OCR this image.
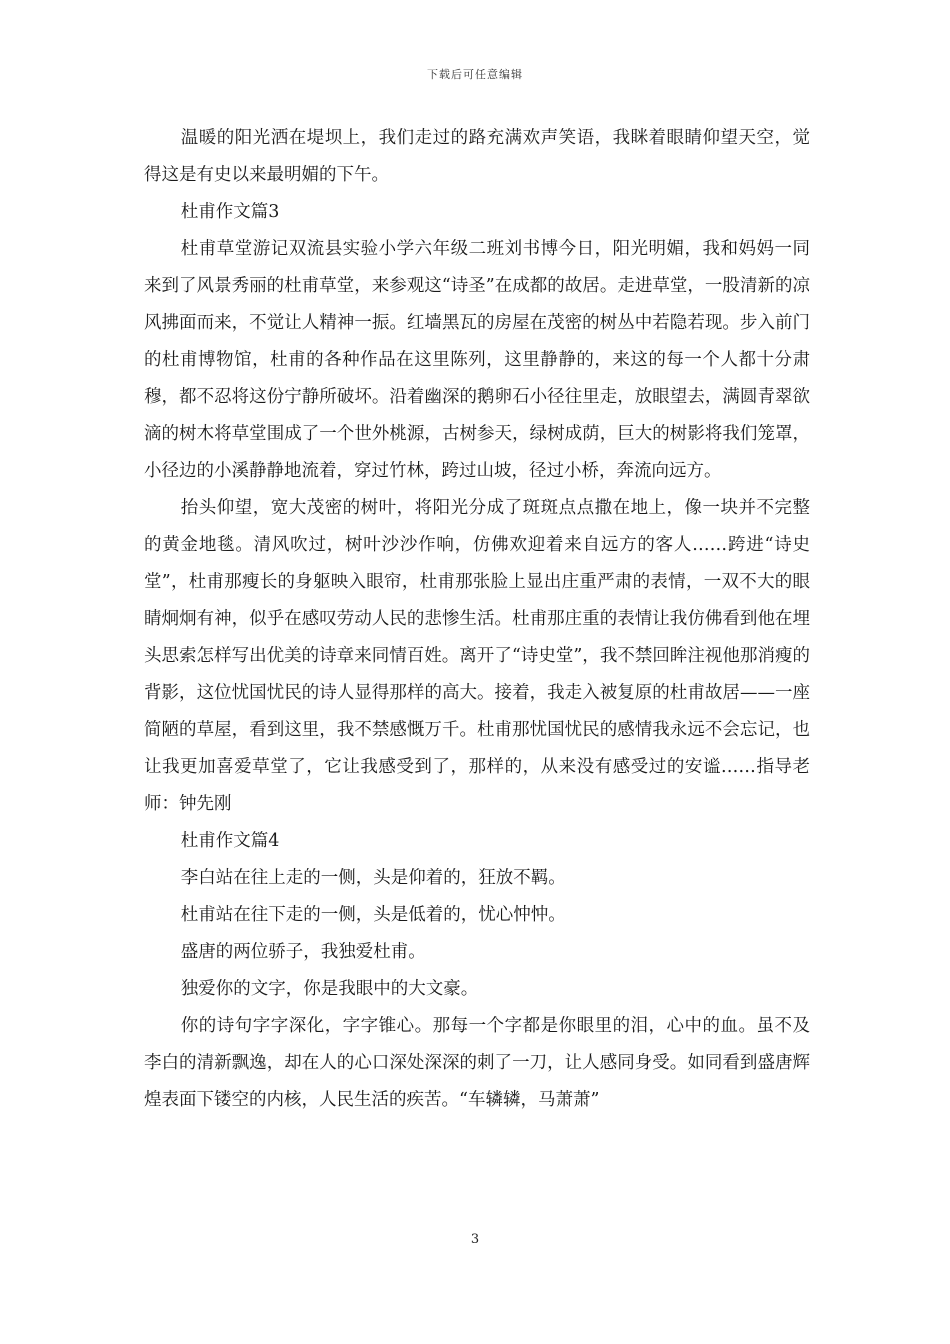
下载后可任意编辑

温暖的阳光洒在堤坝上，我们走过的路充满欢声笑语，我眯着眼睛仰望天空，觉得这是有史以来最明媚的下午。

杜甫作文篇3

杜甫草堂游记双流县实验小学六年级二班刘书博今日，阳光明媚，我和妈妈一同来到了风景秀丽的杜甫草堂，来参观这“诗圣”在成都的故居。走进草堂，一股清新的凉风拂面而来，不觉让人精神一振。红墙黑瓦的房屋在茂密的树丛中若隐若现。步入前门的杜甫博物馆，杜甫的各种作品在这里陈列，这里静静的，来这的每一个人都十分肃穆，都不忍将这份宁静所破坏。沿着幽深的鹅卵石小径往里走，放眼望去，满圆青翠欲滴的树木将草堂围成了一个世外桃源，古树参天，绿树成荫，巨大的树影将我们笼罩，小径边的小溪静静地流着，穿过竹林，跨过山坡，径过小桥，奔流向远方。

抬头仰望，宽大茂密的树叶，将阳光分成了斑斑点点撒在地上，像一块并不完整的黄金地毯。清风吹过，树叶沙沙作响，仿佛欢迎着来自远方的客人……跨进“诗史堂”，杜甫那瘦长的身躯映入眼帘，杜甫那张脸上显出庄重严肃的表情，一双不大的眼睛炯炯有神，似乎在感叹劳动人民的悲惨生活。杜甫那庄重的表情让我仿佛看到他在埋头思索怎样写出优美的诗章来同情百姓。离开了“诗史堂”，我不禁回眸注视他那消瘦的背影，这位忧国忧民的诗人显得那样的高大。接着，我走入被复原的杜甫故居——一座简陋的草屋，看到这里，我不禁感慨万千。杜甫那忧国忧民的感情我永远不会忘记，也让我更加喜爱草堂了，它让我感受到了，那样的，从来没有感受过的安谧……指导老师：钟先刚

杜甫作文篇4

李白站在往上走的一侧，头是仰着的，狂放不羁。

杜甫站在往下走的一侧，头是低着的，忧心忡忡。

盛唐的两位骄子，我独爱杜甫。

独爱你的文字，你是我眼中的大文豪。

你的诗句字字深化，字字锥心。那每一个字都是你眼里的泪，心中的血。虽不及李白的清新飘逸，却在人的心口深处深深的刺了一刀，让人感同身受。如同看到盛唐辉煌表面下镂空的内核，人民生活的疾苦。“车辚辚，马萧萧”

3
